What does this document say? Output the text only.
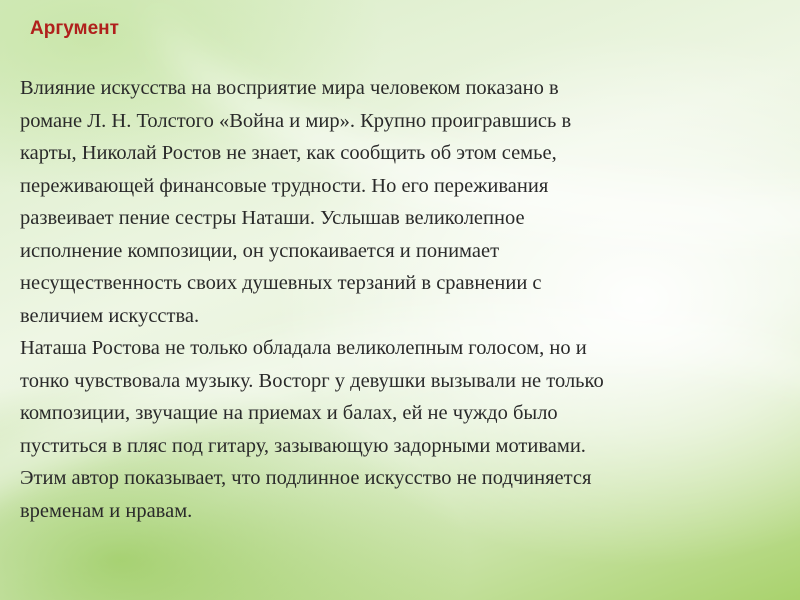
Аргумент

Влияние искусства на восприятие мира человеком показано в
романе Л. Н. Толстого «Война и мир». Крупно проигравшись в
карты, Николай Ростов не знает, как сообщить об этом семье,
переживающей финансовые трудности. Но его переживания
развеивает пение сестры Наташи. Услышав великолепное
исполнение композиции, он успокаивается и понимает
несущественность своих душевных терзаний в сравнении с
величием искусства.

Наташа Ростова не только обладала великолепным голосом, но и
тонко чувствовала музыку. Восторг у девушки вызывали не только
композиции, звучащие на приемах и балах, ей не чуждо было
пуститься в пляс под гитару, зазывающую задорными мотивами.
Этим автор показывает, что подлинное искусство не подчиняется
временам и нравам.
